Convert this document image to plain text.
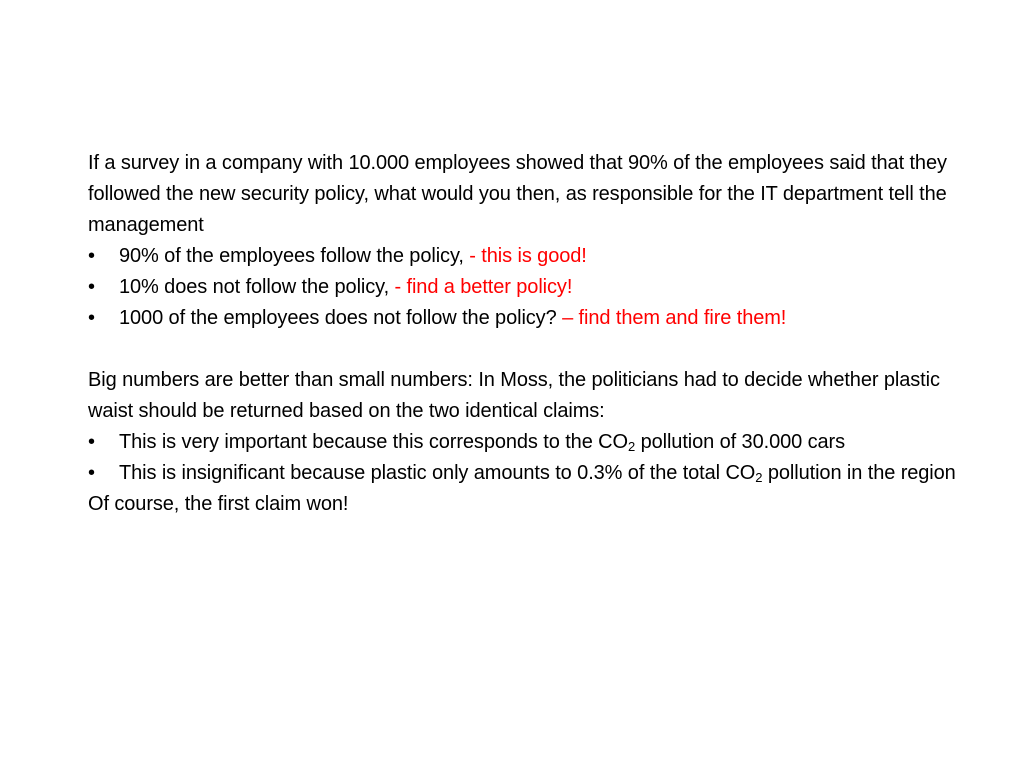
If a survey in a company with 10.000 employees showed that 90% of the employees said that they followed the new security policy, what would you then, as responsible for the IT department tell the management

• 90% of the employees follow the policy, - this is good!
• 10% does not follow the policy, - find a better policy!
• 1000 of the employees does not follow the policy? – find them and fire them!

Big numbers are better than small numbers: In Moss, the politicians had to decide whether plastic waist should be returned based on the two identical claims:

• This is very important because this corresponds to the $CO_2$ pollution of 30.000 cars
• This is insignificant because plastic only amounts to 0.3% of the total $CO_2$ pollution in the region

Of course, the first claim won!
